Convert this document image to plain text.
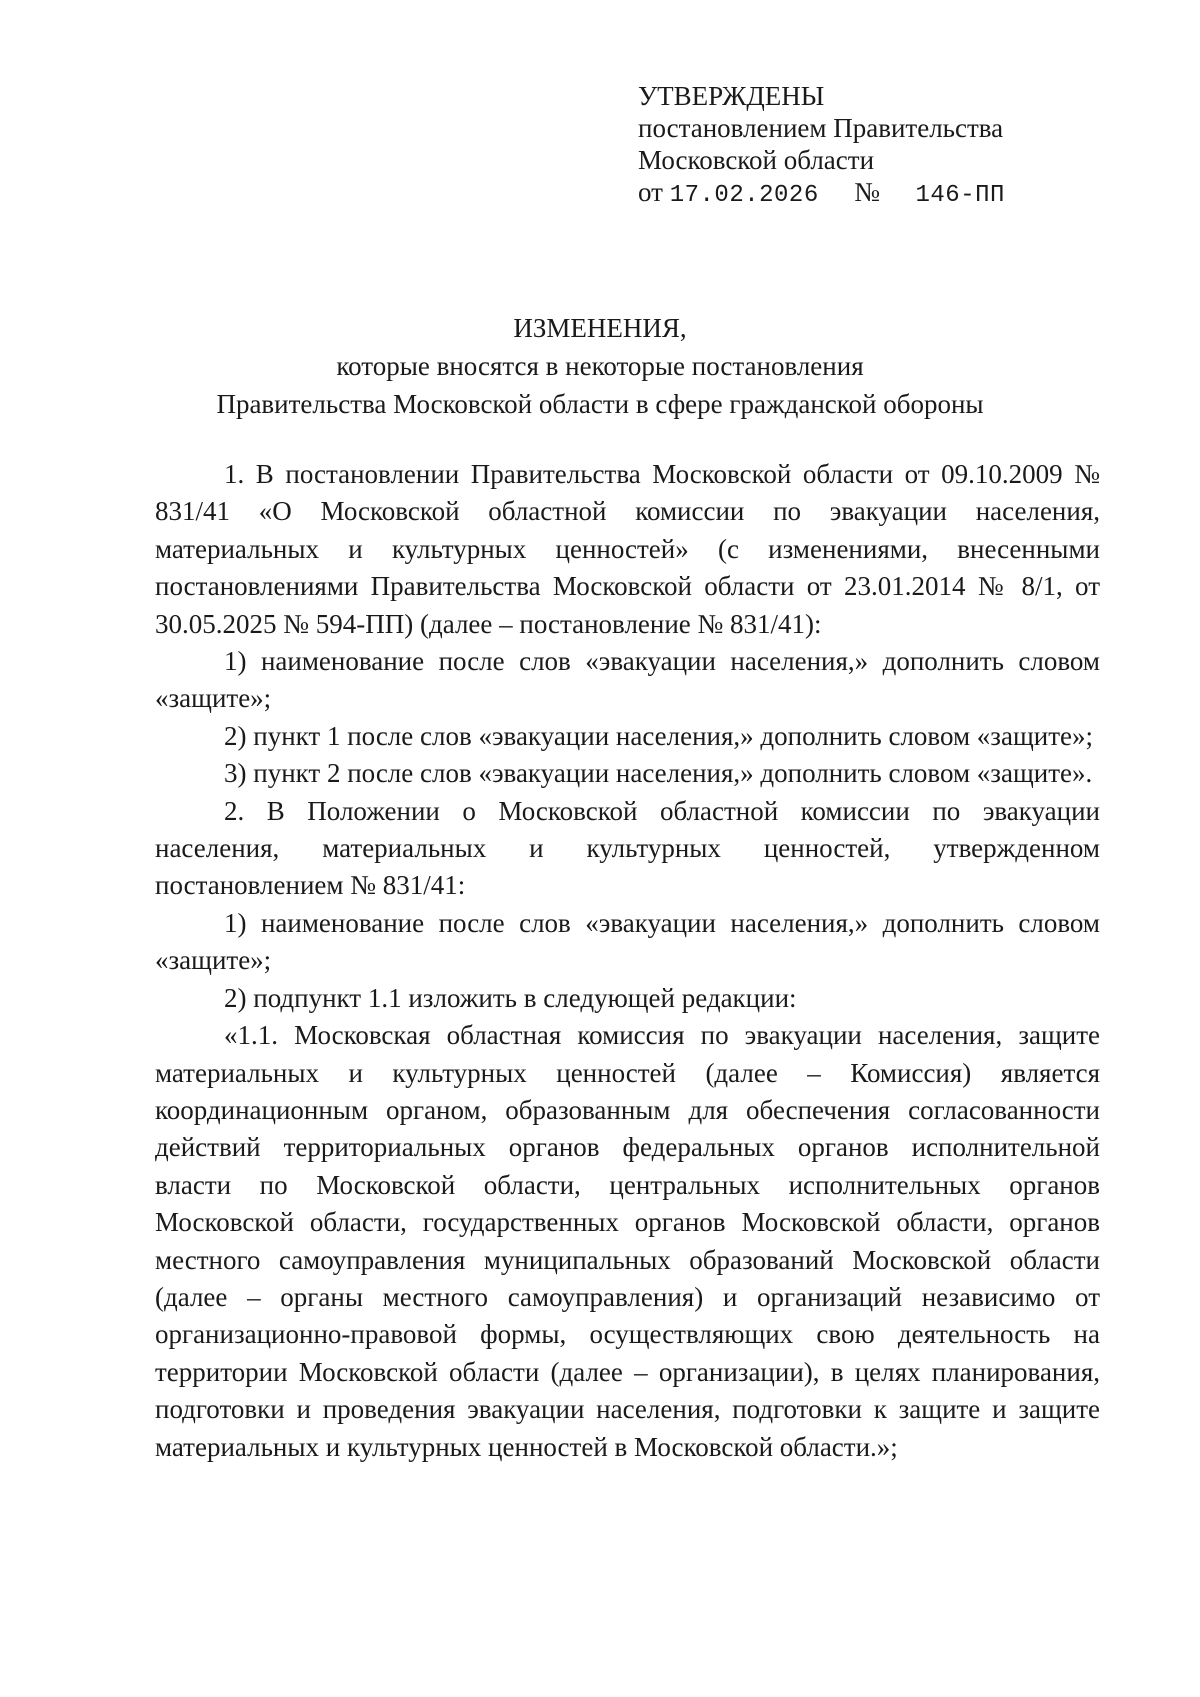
УТВЕРЖДЕНЫ
постановлением Правительства
Московской области
от 17.02.2026 № 146-ПП
ИЗМЕНЕНИЯ,
которые вносятся в некоторые постановления
Правительства Московской области в сфере гражданской обороны

1. В постановлении Правительства Московской области от 09.10.2009 № 831/41 «О Московской областной комиссии по эвакуации населения, материальных и культурных ценностей» (с изменениями, внесенными постановлениями Правительства Московской области от 23.01.2014 № 8/1, от 30.05.2025 № 594-ПП) (далее – постановление № 831/41):

1) наименование после слов «эвакуации населения,» дополнить словом «защите»;

2) пункт 1 после слов «эвакуации населения,» дополнить словом «защите»;

3) пункт 2 после слов «эвакуации населения,» дополнить словом «защите».

2. В Положении о Московской областной комиссии по эвакуации населения, материальных и культурных ценностей, утвержденном постановлением № 831/41:

1) наименование после слов «эвакуации населения,» дополнить словом «защите»;

2) подпункт 1.1 изложить в следующей редакции:

«1.1. Московская областная комиссия по эвакуации населения, защите материальных и культурных ценностей (далее – Комиссия) является координационным органом, образованным для обеспечения согласованности действий территориальных органов федеральных органов исполнительной власти по Московской области, центральных исполнительных органов Московской области, государственных органов Московской области, органов местного самоуправления муниципальных образований Московской области (далее – органы местного самоуправления) и организаций независимо от организационно-правовой формы, осуществляющих свою деятельность на территории Московской области (далее – организации), в целях планирования, подготовки и проведения эвакуации населения, подготовки к защите и защите материальных и культурных ценностей в Московской области.»;
